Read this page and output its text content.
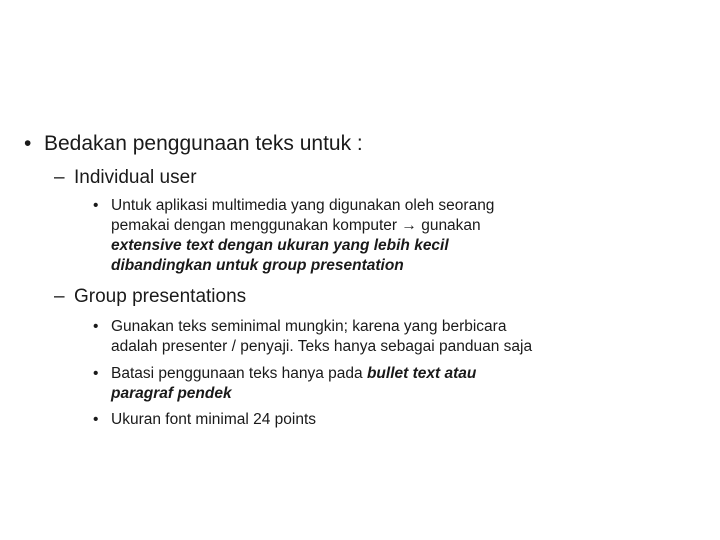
• Bedakan penggunaan teks untuk :
– Individual user
• Untuk aplikasi multimedia yang digunakan oleh seorang
pemakai dengan menggunakan komputer → gunakan
extensive text dengan ukuran yang lebih kecil
dibandingkan untuk group presentation
– Group presentations
• Gunakan teks seminimal mungkin; karena yang berbicara
adalah presenter / penyaji. Teks hanya sebagai panduan saja
• Batasi penggunaan teks hanya pada bullet text atau
paragraf pendek
• Ukuran font minimal 24 points
